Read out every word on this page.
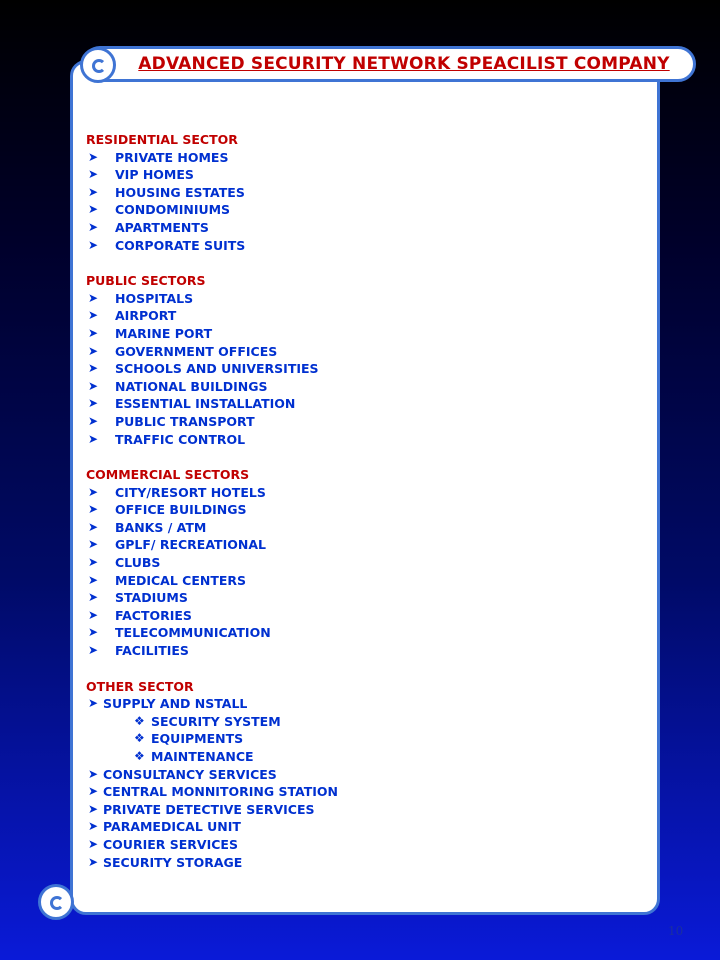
ADVANCED SECURITY NETWORK SPEACILIST COMPANY
RESIDENTIAL SECTOR
➤	PRIVATE HOMES
➤	VIP HOMES
➤	HOUSING ESTATES
➤	CONDOMINIUMS
➤	APARTMENTS
➤	CORPORATE SUITS
PUBLIC SECTORS
➤	HOSPITALS
➤	AIRPORT
➤	MARINE PORT
➤	GOVERNMENT OFFICES
➤	SCHOOLS AND UNIVERSITIES
➤	NATIONAL BUILDINGS
➤	ESSENTIAL INSTALLATION
➤	PUBLIC TRANSPORT
➤	TRAFFIC CONTROL
COMMERCIAL SECTORS
➤	CITY/RESORT HOTELS
➤	OFFICE BUILDINGS
➤	BANKS / ATM
➤	GPLF/ RECREATIONAL
➤	CLUBS
➤	MEDICAL CENTERS
➤	STADIUMS
➤	FACTORIES
➤	TELECOMMUNICATION
➤	FACILITIES
OTHER SECTOR
➤ SUPPLY AND NSTALL
❖ SECURITY SYSTEM
❖ EQUIPMENTS
❖ MAINTENANCE
➤ CONSULTANCY SERVICES
➤ CENTRAL MONNITORING STATION
➤ PRIVATE DETECTIVE SERVICES
➤ PARAMEDICAL UNIT
➤ COURIER SERVICES
➤ SECURITY STORAGE
10
